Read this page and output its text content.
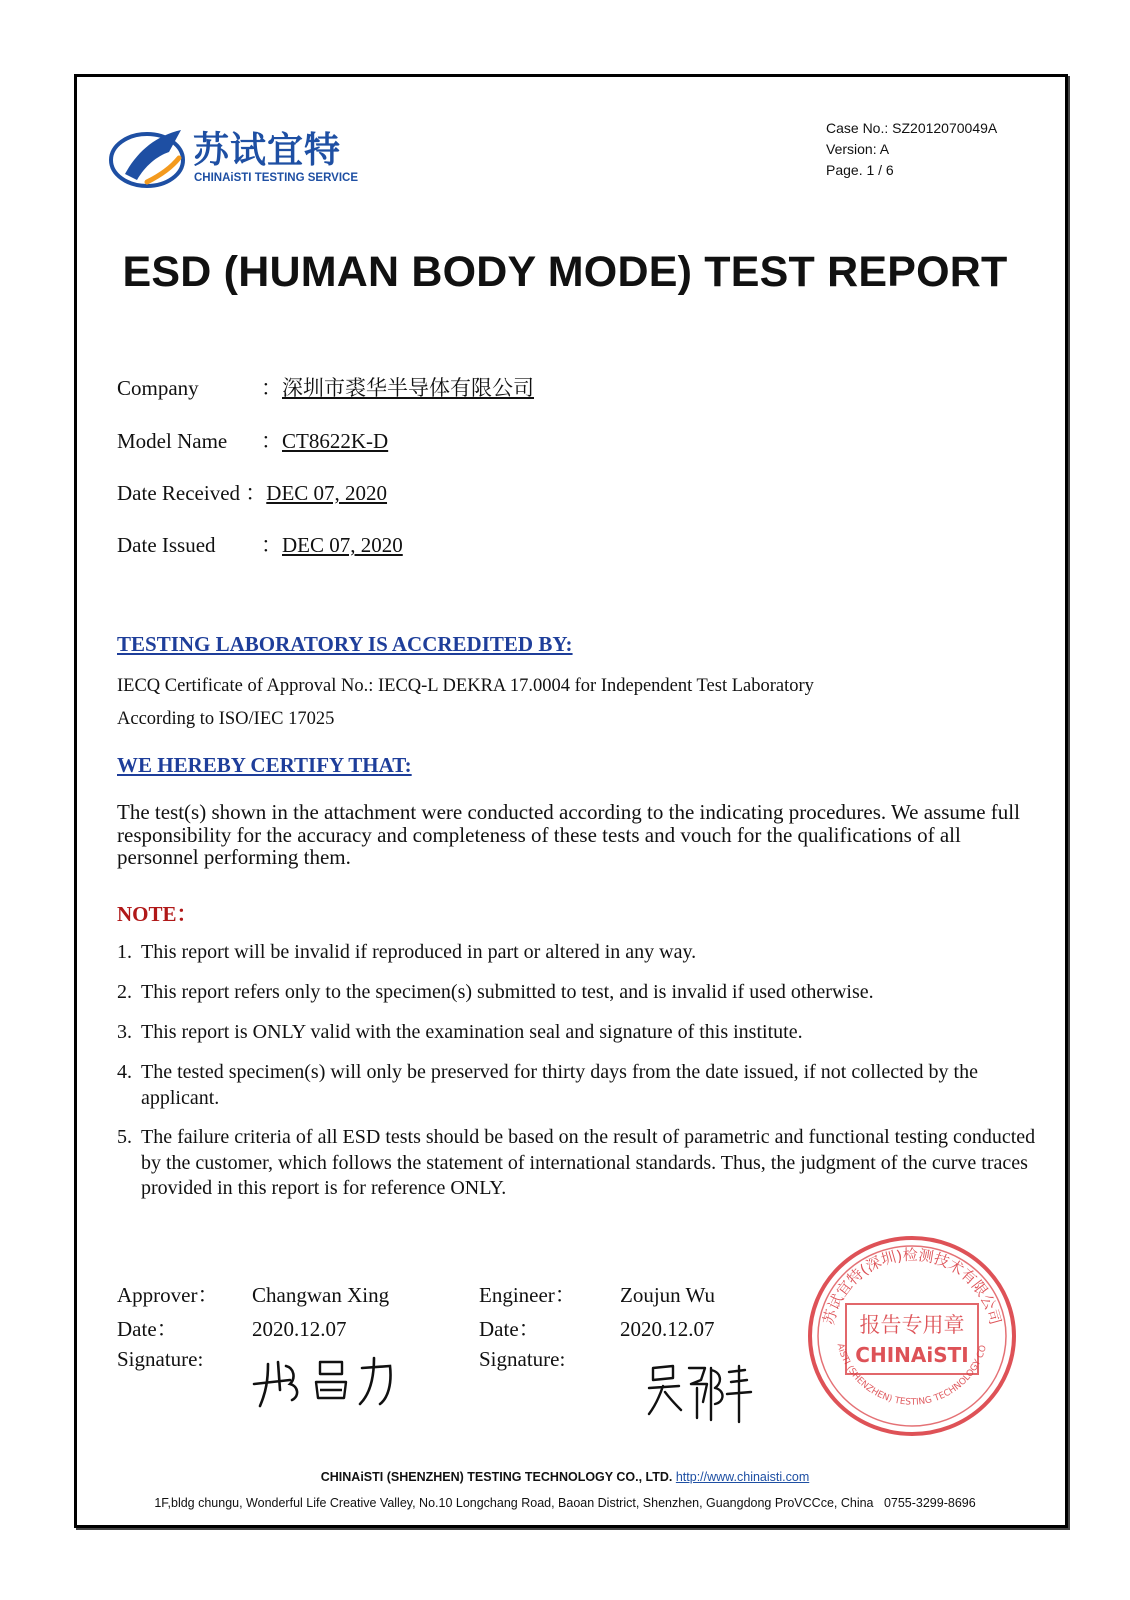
苏试宜特
CHINAiSTI TESTING SERVICE
Case No.: SZ2012070049A
Version: A
Page. 1 / 6
ESD (HUMAN BODY MODE) TEST REPORT
Company	：深圳市裘华半导体有限公司
Model Name ：CT8622K-D
Date Received ：DEC 07, 2020
Date Issued ：DEC 07, 2020
TESTING LABORATORY IS ACCREDITED BY:
IECQ Certificate of Approval No.: IECQ-L DEKRA 17.0004 for Independent Test Laboratory
According to ISO/IEC 17025
WE HEREBY CERTIFY THAT:
The test(s) shown in the attachment were conducted according to the indicating procedures. We assume full responsibility for the accuracy and completeness of these tests and vouch for the qualifications of all personnel performing them.
NOTE：
1. This report will be invalid if reproduced in part or altered in any way.
2. This report refers only to the specimen(s) submitted to test, and is invalid if used otherwise.
3. This report is ONLY valid with the examination seal and signature of this institute.
4. The tested specimen(s) will only be preserved for thirty days from the date issued, if not collected by the applicant.
5. The failure criteria of all ESD tests should be based on the result of parametric and functional testing conducted by the customer, which follows the statement of international standards. Thus, the judgment of the curve traces provided in this report is for reference ONLY.
Approver： Changwan Xing
Date：	2020.12.07
Signature:
Engineer： Zoujun Wu
Date：	2020.12.07
Signature:
苏试宜特(深圳)检测技术有限公司
AiSTI (SHENZHEN) TESTING TECHNOLOGY CO
报告专用章
CHINAiSTI
CHINAiSTI (SHENZHEN) TESTING TECHNOLOGY CO., LTD. http://www.chinaisti.com
1F,bldg chungu, Wonderful Life Creative Valley, No.10 Longchang Road, Baoan District, Shenzhen, Guangdong ProVCCce, China 0755-3299-8696
